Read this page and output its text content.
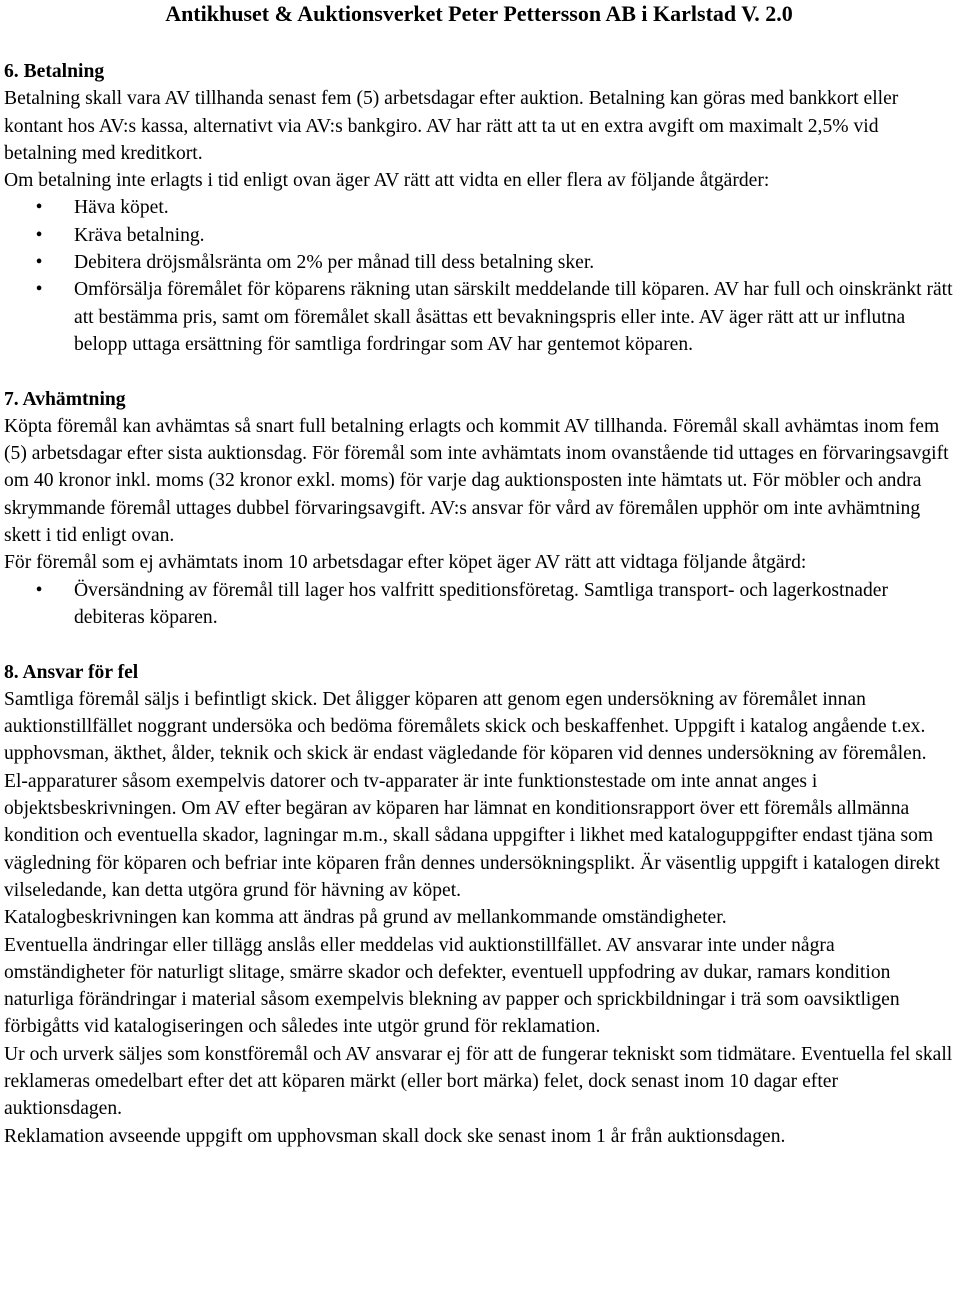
Antikhuset & Auktionsverket Peter Pettersson AB i Karlstad V. 2.0
6. Betalning

Betalning skall vara AV tillhanda senast fem (5) arbetsdagar efter auktion. Betalning kan göras med bankkort eller kontant hos AV:s kassa, alternativt via AV:s bankgiro. AV har rätt att ta ut en extra avgift om maximalt 2,5% vid betalning med kreditkort.

Om betalning inte erlagts i tid enligt ovan äger AV rätt att vidta en eller flera av följande åtgärder:

• Häva köpet.
• Kräva betalning.
• Debitera dröjsmålsränta om 2% per månad till dess betalning sker.
• Omförsälja föremålet för köparens räkning utan särskilt meddelande till köparen. AV har full och oinskränkt rätt att bestämma pris, samt om föremålet skall åsättas ett bevakningspris eller inte. AV äger rätt att ur influtna belopp uttaga ersättning för samtliga fordringar som AV har gentemot köparen.
7. Avhämtning

Köpta föremål kan avhämtas så snart full betalning erlagts och kommit AV tillhanda. Föremål skall avhämtas inom fem (5) arbetsdagar efter sista auktionsdag. För föremål som inte avhämtats inom ovanstående tid uttages en förvaringsavgift om 40 kronor inkl. moms (32 kronor exkl. moms) för varje dag auktionsposten inte hämtats ut. För möbler och andra skrymmande föremål uttages dubbel förvaringsavgift. AV:s ansvar för vård av föremålen upphör om inte avhämtning skett i tid enligt ovan.

För föremål som ej avhämtats inom 10 arbetsdagar efter köpet äger AV rätt att vidtaga följande åtgärd:

• Översändning av föremål till lager hos valfritt speditionsföretag. Samtliga transport- och lagerkostnader debiteras köparen.
8. Ansvar för fel

Samtliga föremål säljs i befintligt skick. Det åligger köparen att genom egen undersökning av föremålet innan auktionstillfället noggrant undersöka och bedöma föremålets skick och beskaffenhet. Uppgift i katalog angående t.ex. upphovsman, äkthet, ålder, teknik och skick är endast vägledande för köparen vid dennes undersökning av föremålen. El-apparaturer såsom exempelvis datorer och tv-apparater är inte funktionstestade om inte annat anges i objektsbeskrivningen. Om AV efter begäran av köparen har lämnat en konditionsrapport över ett föremåls allmänna kondition och eventuella skador, lagningar m.m., skall sådana uppgifter i likhet med kataloguppgifter endast tjäna som vägledning för köparen och befriar inte köparen från dennes undersökningsplikt. Är väsentlig uppgift i katalogen direkt vilseledande, kan detta utgöra grund för hävning av köpet.

Katalogbeskrivningen kan komma att ändras på grund av mellankommande omständigheter.

Eventuella ändringar eller tillägg anslås eller meddelas vid auktionstillfället. AV ansvarar inte under några omständigheter för naturligt slitage, smärre skador och defekter, eventuell uppfodring av dukar, ramars kondition naturliga förändringar i material såsom exempelvis blekning av papper och sprickbildningar i trä som oavsiktligen förbigåtts vid katalogiseringen och således inte utgör grund för reklamation.

Ur och urverk säljes som konstföremål och AV ansvarar ej för att de fungerar tekniskt som tidmätare. Eventuella fel skall reklameras omedelbart efter det att köparen märkt (eller bort märka) felet, dock senast inom 10 dagar efter auktionsdagen.

Reklamation avseende uppgift om upphovsman skall dock ske senast inom 1 år från auktionsdagen.
